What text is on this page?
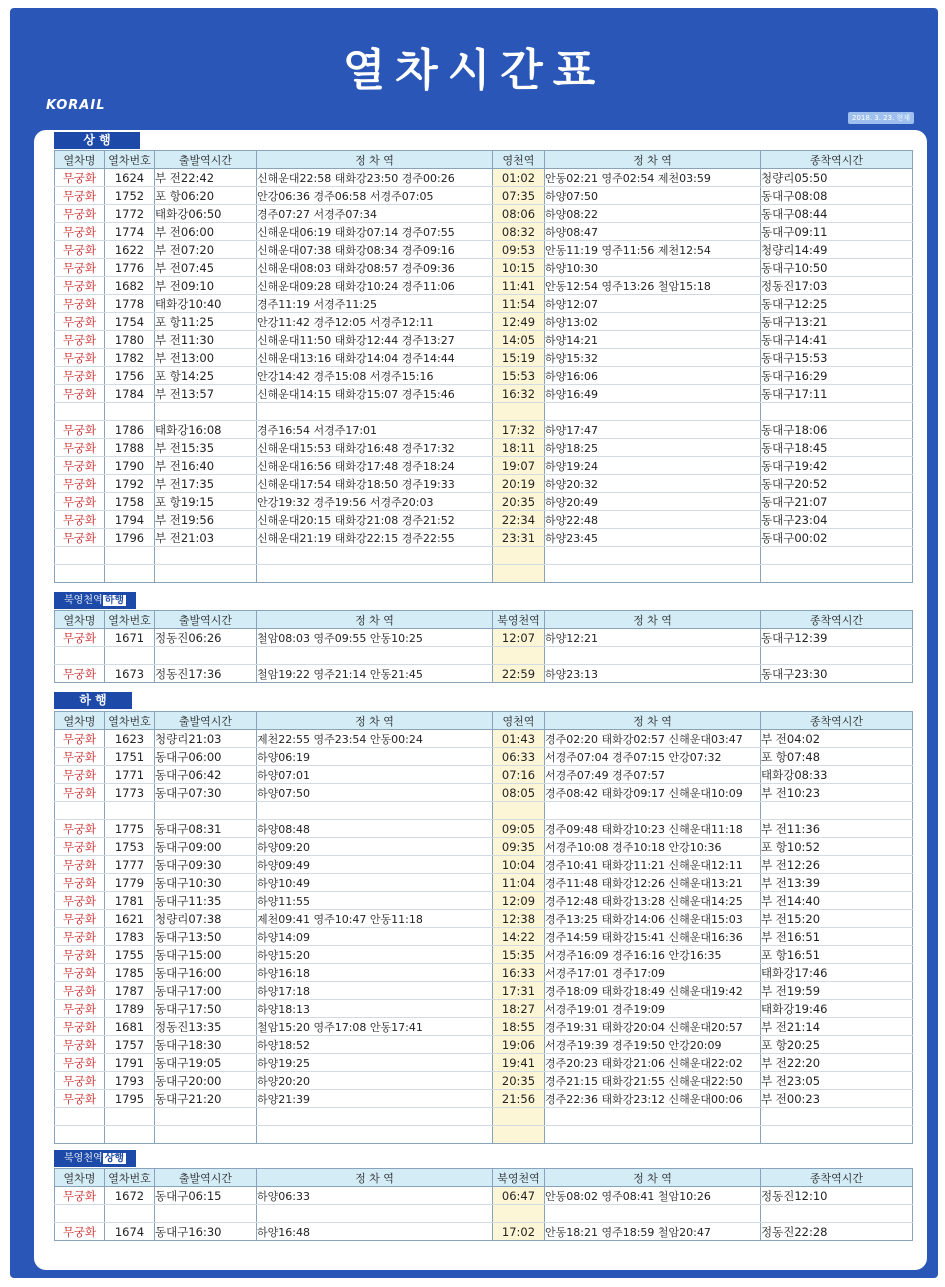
열차시간표
KORAIL
2018. 3. 23. 현재
상 행
열차명	열차번호	출발역시간	정 차 역	영천역	정 차 역	종착역시간
무궁화	1624	부 전22:42	신해운대22:58 태화강23:50 경주00:26	01:02	안동02:21 영주02:54 제천03:59	청량리05:50
무궁화	1752	포 항06:20	안강06:36 경주06:58 서경주07:05	07:35	하양07:50	동대구08:08
무궁화	1772	태화강06:50	경주07:27 서경주07:34	08:06	하양08:22	동대구08:44
무궁화	1774	부 전06:00	신해운대06:19 태화강07:14 경주07:55	08:32	하양08:47	동대구09:11
무궁화	1622	부 전07:20	신해운대07:38 태화강08:34 경주09:16	09:53	안동11:19 영주11:56 제천12:54	청량리14:49
무궁화	1776	부 전07:45	신해운대08:03 태화강08:57 경주09:36	10:15	하양10:30	동대구10:50
무궁화	1682	부 전09:10	신해운대09:28 태화강10:24 경주11:06	11:41	안동12:54 영주13:26 철암15:18	정동진17:03
무궁화	1778	태화강10:40	경주11:19 서경주11:25	11:54	하양12:07	동대구12:25
무궁화	1754	포 항11:25	안강11:42 경주12:05 서경주12:11	12:49	하양13:02	동대구13:21
무궁화	1780	부 전11:30	신해운대11:50 태화강12:44 경주13:27	14:05	하양14:21	동대구14:41
무궁화	1782	부 전13:00	신해운대13:16 태화강14:04 경주14:44	15:19	하양15:32	동대구15:53
무궁화	1756	포 항14:25	안강14:42 경주15:08 서경주15:16	15:53	하양16:06	동대구16:29
무궁화	1784	부 전13:57	신해운대14:15 태화강15:07 경주15:46	16:32	하양16:49	동대구17:11

무궁화	1786	태화강16:08	경주16:54 서경주17:01	17:32	하양17:47	동대구18:06
무궁화	1788	부 전15:35	신해운대15:53 태화강16:48 경주17:32	18:11	하양18:25	동대구18:45
무궁화	1790	부 전16:40	신해운대16:56 태화강17:48 경주18:24	19:07	하양19:24	동대구19:42
무궁화	1792	부 전17:35	신해운대17:54 태화강18:50 경주19:33	20:19	하양20:32	동대구20:52
무궁화	1758	포 항19:15	안강19:32 경주19:56 서경주20:03	20:35	하양20:49	동대구21:07
무궁화	1794	부 전19:56	신해운대20:15 태화강21:08 경주21:52	22:34	하양22:48	동대구23:04
무궁화	1796	부 전21:03	신해운대21:19 태화강22:15 경주22:55	23:31	하양23:45	동대구00:02

북영천역 하행
열차명	열차번호	출발역시간	정 차 역	북영천역	정 차 역	종착역시간
무궁화	1671	정동진06:26	철암08:03 영주09:55 안동10:25	12:07	하양12:21	동대구12:39

무궁화	1673	정동진17:36	철암19:22 영주21:14 안동21:45	22:59	하양23:13	동대구23:30
하 행
열차명	열차번호	출발역시간	정 차 역	영천역	정 차 역	종착역시간
무궁화	1623	청량리21:03	제천22:55 영주23:54 안동00:24	01:43	경주02:20 태화강02:57 신해운대03:47	부 전04:02
무궁화	1751	동대구06:00	하양06:19	06:33	서경주07:04 경주07:15 안강07:32	포 항07:48
무궁화	1771	동대구06:42	하양07:01	07:16	서경주07:49 경주07:57	태화강08:33
무궁화	1773	동대구07:30	하양07:50	08:05	경주08:42 태화강09:17 신해운대10:09	부 전10:23

무궁화	1775	동대구08:31	하양08:48	09:05	경주09:48 태화강10:23 신해운대11:18	부 전11:36
무궁화	1753	동대구09:00	하양09:20	09:35	서경주10:08 경주10:18 안강10:36	포 항10:52
무궁화	1777	동대구09:30	하양09:49	10:04	경주10:41 태화강11:21 신해운대12:11	부 전12:26
무궁화	1779	동대구10:30	하양10:49	11:04	경주11:48 태화강12:26 신해운대13:21	부 전13:39
무궁화	1781	동대구11:35	하양11:55	12:09	경주12:48 태화강13:28 신해운대14:25	부 전14:40
무궁화	1621	청량리07:38	제천09:41 영주10:47 안동11:18	12:38	경주13:25 태화강14:06 신해운대15:03	부 전15:20
무궁화	1783	동대구13:50	하양14:09	14:22	경주14:59 태화강15:41 신해운대16:36	부 전16:51
무궁화	1755	동대구15:00	하양15:20	15:35	서경주16:09 경주16:16 안강16:35	포 항16:51
무궁화	1785	동대구16:00	하양16:18	16:33	서경주17:01 경주17:09	태화강17:46
무궁화	1787	동대구17:00	하양17:18	17:31	경주18:09 태화강18:49 신해운대19:42	부 전19:59
무궁화	1789	동대구17:50	하양18:13	18:27	서경주19:01 경주19:09	태화강19:46
무궁화	1681	정동진13:35	철암15:20 영주17:08 안동17:41	18:55	경주19:31 태화강20:04 신해운대20:57	부 전21:14
무궁화	1757	동대구18:30	하양18:52	19:06	서경주19:39 경주19:50 안강20:09	포 항20:25
무궁화	1791	동대구19:05	하양19:25	19:41	경주20:23 태화강21:06 신해운대22:02	부 전22:20
무궁화	1793	동대구20:00	하양20:20	20:35	경주21:15 태화강21:55 신해운대22:50	부 전23:05
무궁화	1795	동대구21:20	하양21:39	21:56	경주22:36 태화강23:12 신해운대00:06	부 전00:23

북영천역 상행
열차명	열차번호	출발역시간	정 차 역	북영천역	정 차 역	종착역시간
무궁화	1672	동대구06:15	하양06:33	06:47	안동08:02 영주08:41 철암10:26	정동진12:10

무궁화	1674	동대구16:30	하양16:48	17:02	안동18:21 영주18:59 철암20:47	정동진22:28
Photo by ycs6781
